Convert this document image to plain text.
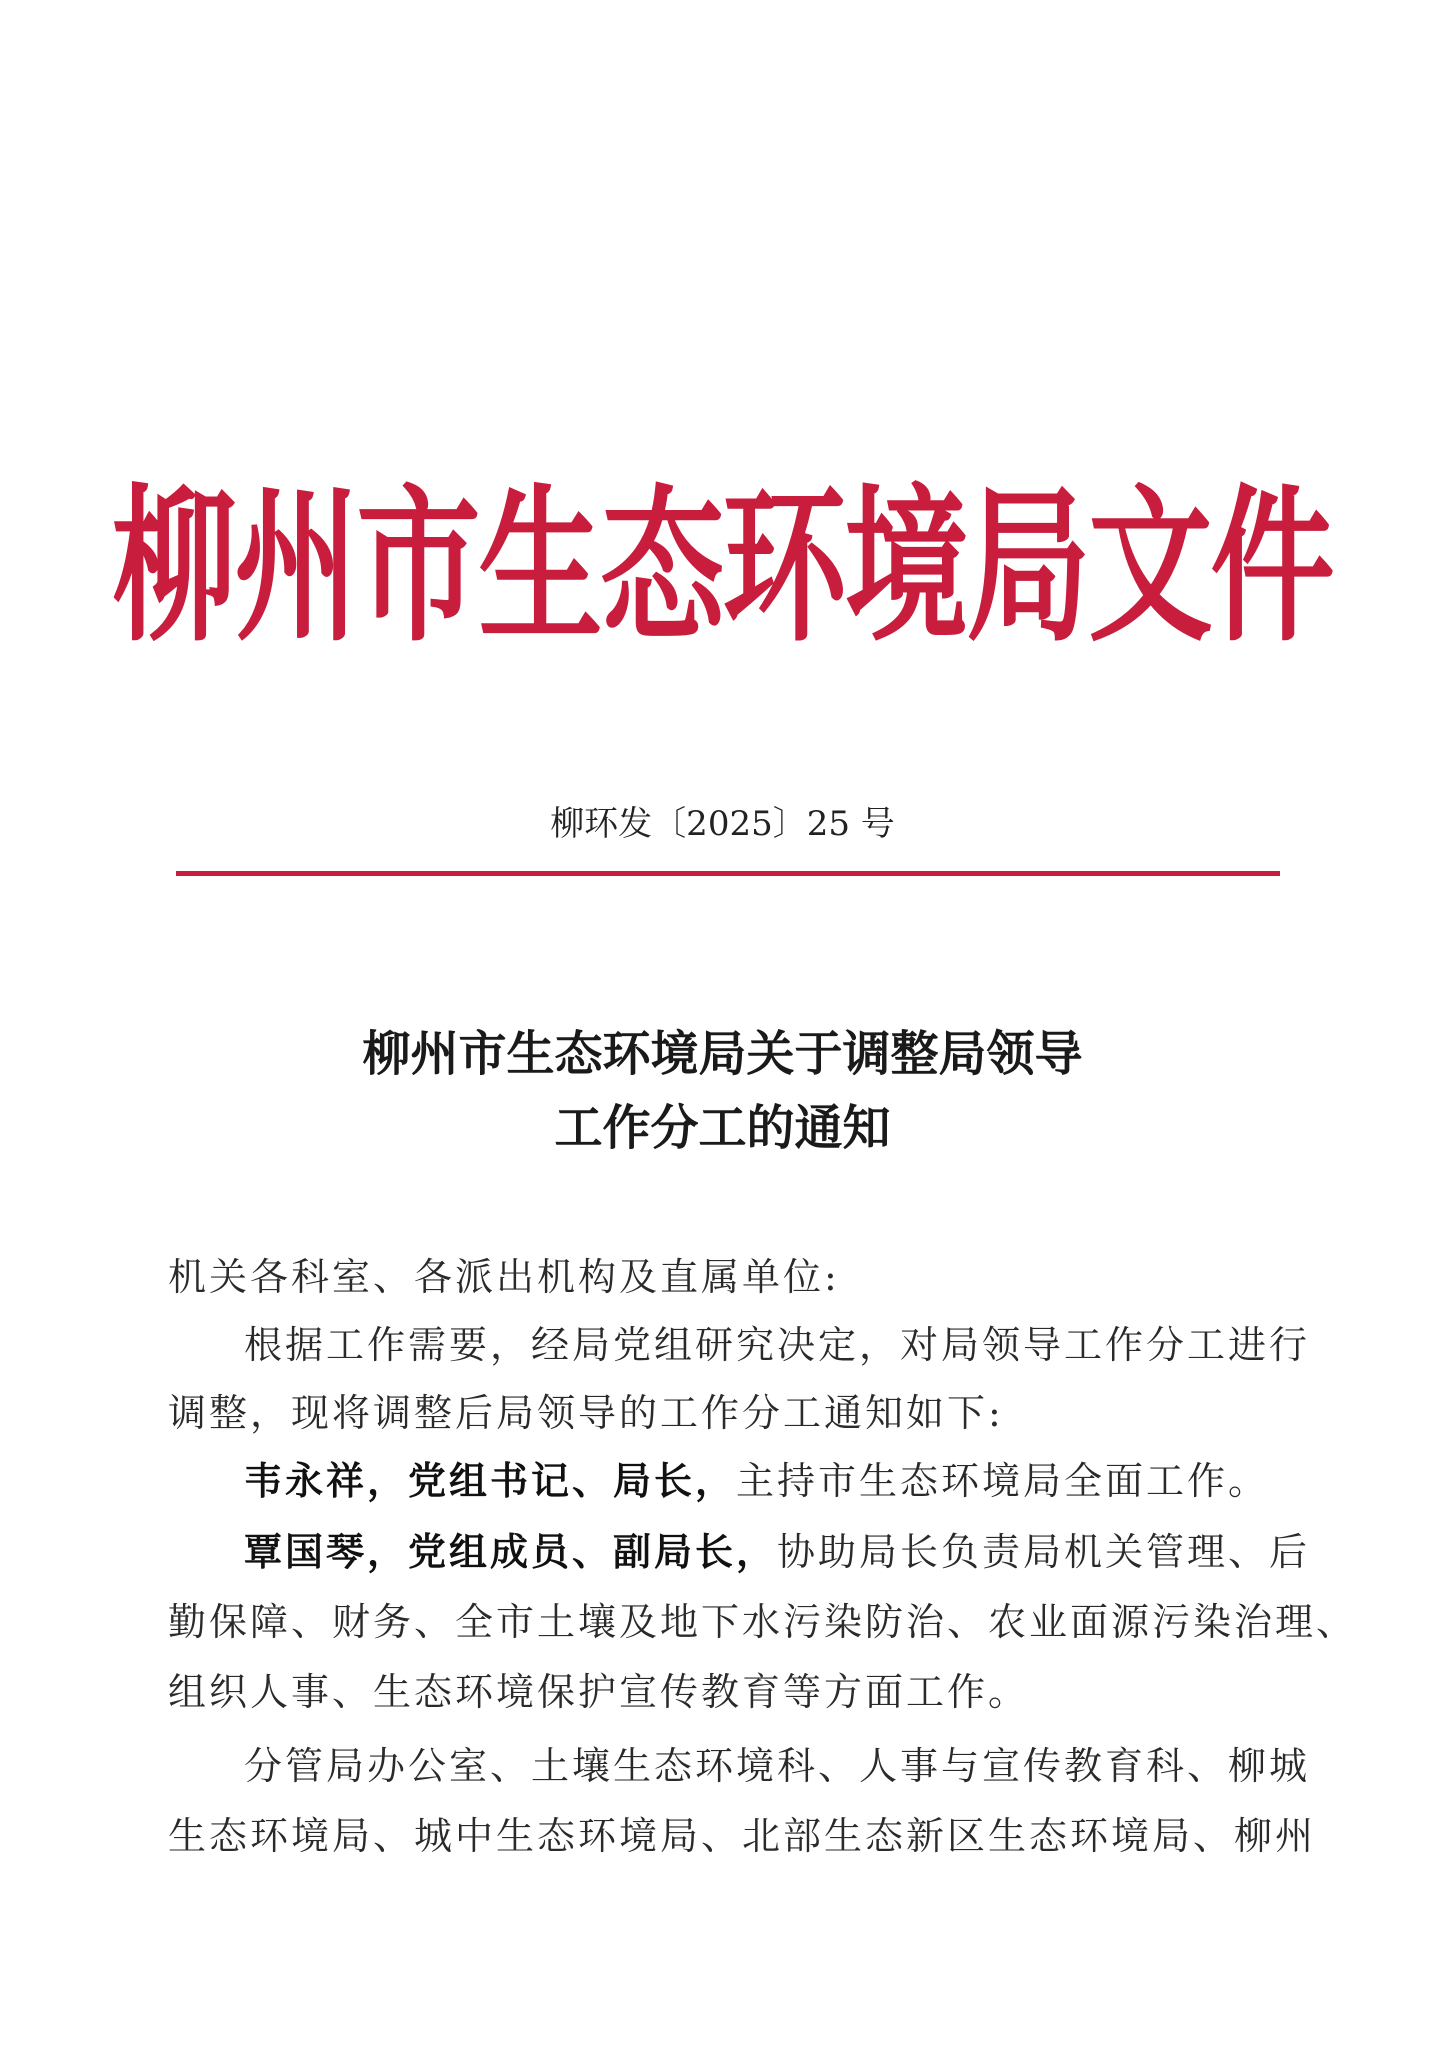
柳州市生态环境局文件
柳环发〔2025〕25 号
柳州市生态环境局关于调整局领导
工作分工的通知
机关各科室、各派出机构及直属单位:
根据工作需要，经局党组研究决定，对局领导工作分工进行
调整，现将调整后局领导的工作分工通知如下:
韦永祥，党组书记、局长，主持市生态环境局全面工作。
覃国琴，党组成员、副局长，协助局长负责局机关管理、后
勤保障、财务、全市土壤及地下水污染防治、农业面源污染治理、
组织人事、生态环境保护宣传教育等方面工作。
分管局办公室、土壤生态环境科、人事与宣传教育科、柳城
生态环境局、城中生态环境局、北部生态新区生态环境局、柳州
